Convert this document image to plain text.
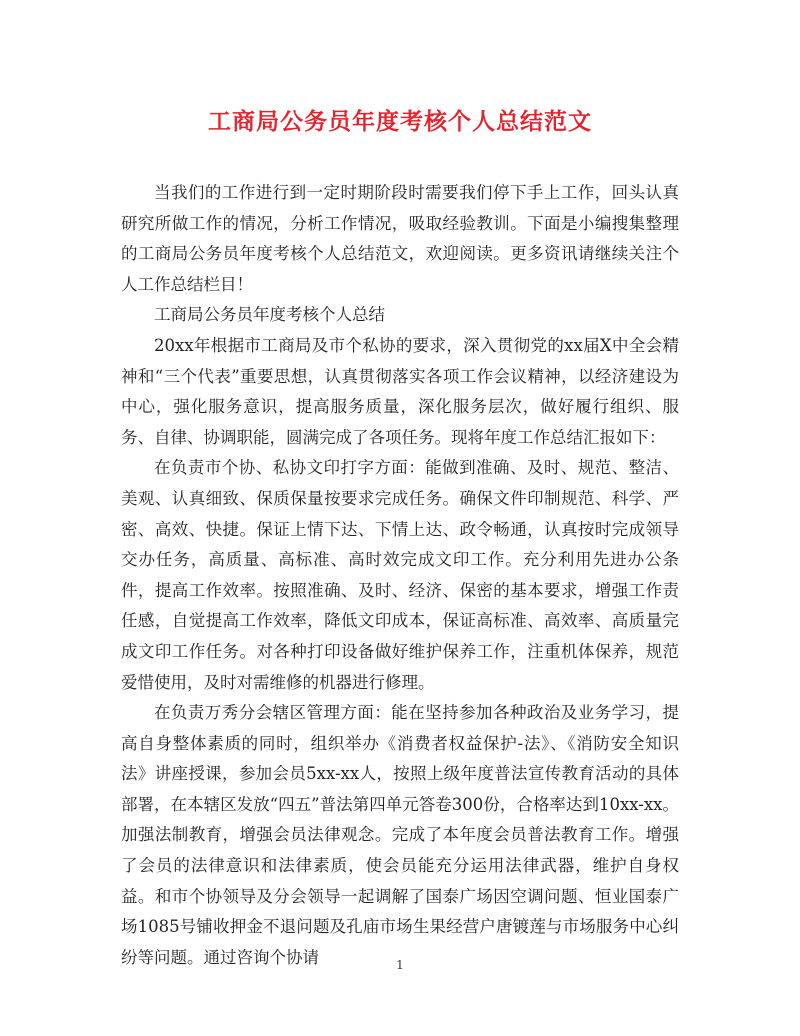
工商局公务员年度考核个人总结范文

当我们的工作进行到一定时期阶段时需要我们停下手上工作，回头认真研究所做工作的情况，分析工作情况，吸取经验教训。下面是小编搜集整理的工商局公务员年度考核个人总结范文，欢迎阅读。更多资讯请继续关注个人工作总结栏目！

工商局公务员年度考核个人总结

20xx年根据市工商局及市个私协的要求，深入贯彻党的xx届X中全会精神和“三个代表”重要思想，认真贯彻落实各项工作会议精神，以经济建设为中心，强化服务意识，提高服务质量，深化服务层次，做好履行组织、服务、自律、协调职能，圆满完成了各项任务。现将年度工作总结汇报如下：

在负责市个协、私协文印打字方面：能做到准确、及时、规范、整洁、美观、认真细致、保质保量按要求完成任务。确保文件印制规范、科学、严密、高效、快捷。保证上情下达、下情上达、政令畅通，认真按时完成领导交办任务，高质量、高标准、高时效完成文印工作。充分利用先进办公条件，提高工作效率。按照准确、及时、经济、保密的基本要求，增强工作责任感，自觉提高工作效率，降低文印成本，保证高标准、高效率、高质量完成文印工作任务。对各种打印设备做好维护保养工作，注重机体保养，规范爱惜使用，及时对需维修的机器进行修理。

在负责万秀分会辖区管理方面：能在坚持参加各种政治及业务学习，提高自身整体素质的同时，组织举办《消费者权益保护-法》、《消防安全知识法》讲座授课，参加会员5xx-xx人，按照上级年度普法宣传教育活动的具体部署，在本辖区发放“四五”普法第四单元答卷300份，合格率达到10xx-xx。加强法制教育，增强会员法律观念。完成了本年度会员普法教育工作。增强了会员的法律意识和法律素质，使会员能充分运用法律武器，维护自身权益。和市个协领导及分会领导一起调解了国泰广场因空调问题、恒业国泰广场1085号铺收押金不退问题及孔庙市场生果经营户唐镀莲与市场服务中心纠纷等问题。通过咨询个协请	1
